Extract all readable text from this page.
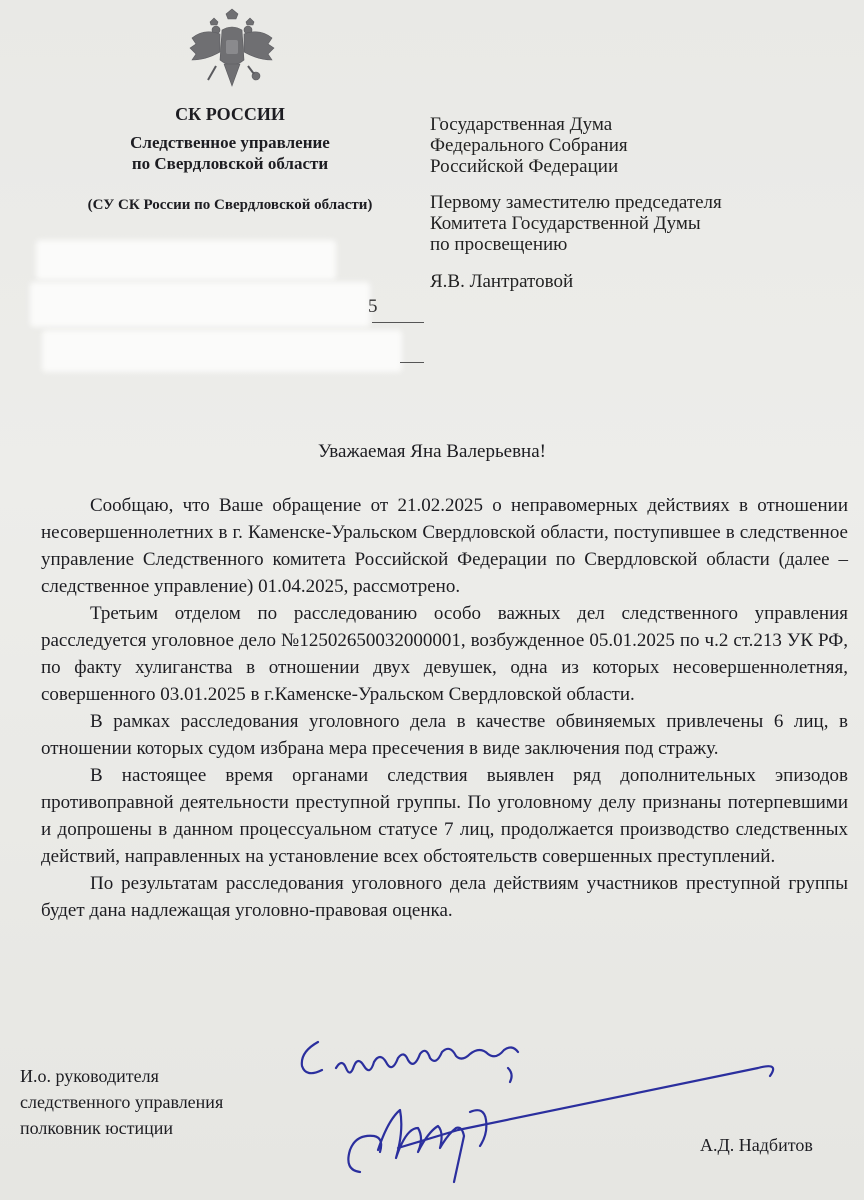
СК РОССИИ
Следственное управление
по Свердловской области
(СУ СК России по Свердловской области)
Государственная Дума
Федерального Собрания
Российской Федерации
Первому заместителю председателя
Комитета Государственной Думы
по просвещению
Я.В. Лантратовой
5
Уважаемая Яна Валерьевна!

Сообщаю, что Ваше обращение от 21.02.2025 о неправомерных действиях в отношении несовершеннолетних в г. Каменске-Уральском Свердловской области, поступившее в следственное управление Следственного комитета Российской Федерации по Свердловской области (далее – следственное управление) 01.04.2025, рассмотрено.

Третьим отделом по расследованию особо важных дел следственного управления расследуется уголовное дело №12502650032000001, возбужденное 05.01.2025 по ч.2 ст.213 УК РФ, по факту хулиганства в отношении двух девушек, одна из которых несовершеннолетняя, совершенного 03.01.2025 в г.Каменске-Уральском Свердловской области.

В рамках расследования уголовного дела в качестве обвиняемых привлечены 6 лиц, в отношении которых судом избрана мера пресечения в виде заключения под стражу.

В настоящее время органами следствия выявлен ряд дополнительных эпизодов противоправной деятельности преступной группы. По уголовному делу признаны потерпевшими и допрошены в данном процессуальном статусе 7 лиц, продолжается производство следственных действий, направленных на установление всех обстоятельств совершенных преступлений.

По результатам расследования уголовного дела действиям участников преступной группы будет дана надлежащая уголовно-правовая оценка.

И.о. руководителя
следственного управления
полковник юстиции
А.Д. Надбитов
